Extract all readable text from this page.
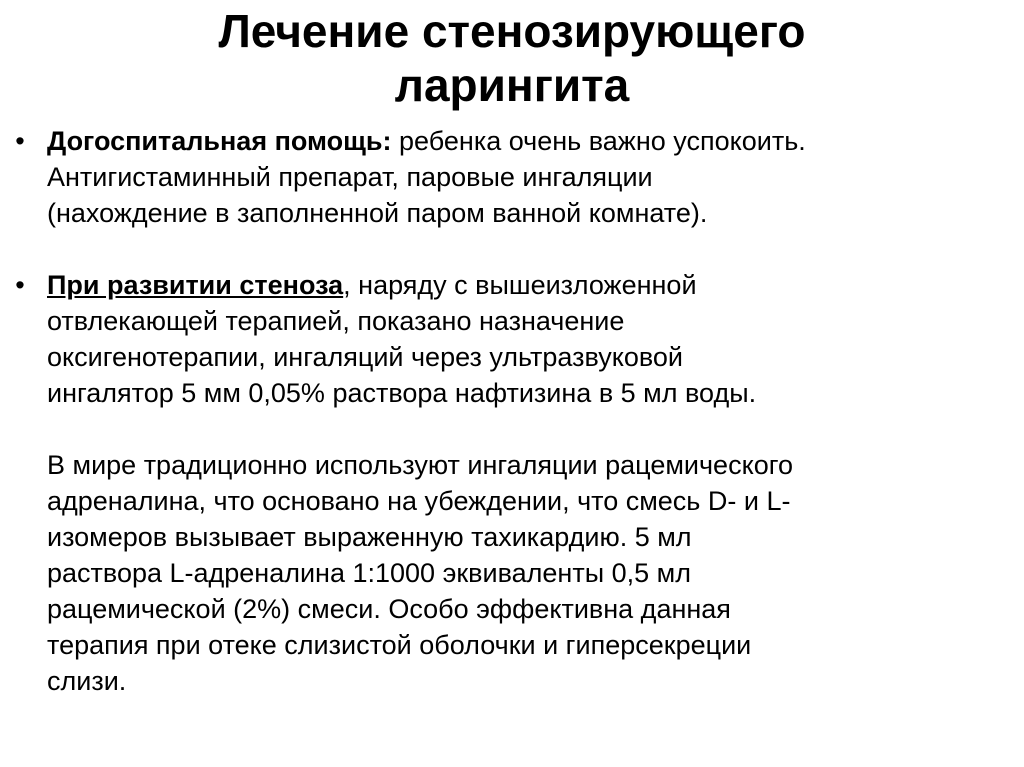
Лечение стенозирующего
ларингита
• Догоспитальная помощь: ребенка очень важно успокоить.
Антигистаминный препарат, паровые ингаляции
(нахождение в заполненной паром ванной комнате).
• При развитии стеноза, наряду с вышеизложенной
отвлекающей терапией, показано назначение
оксигенотерапии, ингаляций через ультразвуковой
ингалятор 5 мм 0,05% раствора нафтизина в 5 мл воды.
В мире традиционно используют ингаляции рацемического
адреналина, что основано на убеждении, что смесь D- и L-
изомеров вызывает выраженную тахикардию. 5 мл
раствора L-адреналина 1:1000 эквиваленты 0,5 мл
рацемической (2%) смеси. Особо эффективна данная
терапия при отеке слизистой оболочки и гиперсекреции
слизи.
